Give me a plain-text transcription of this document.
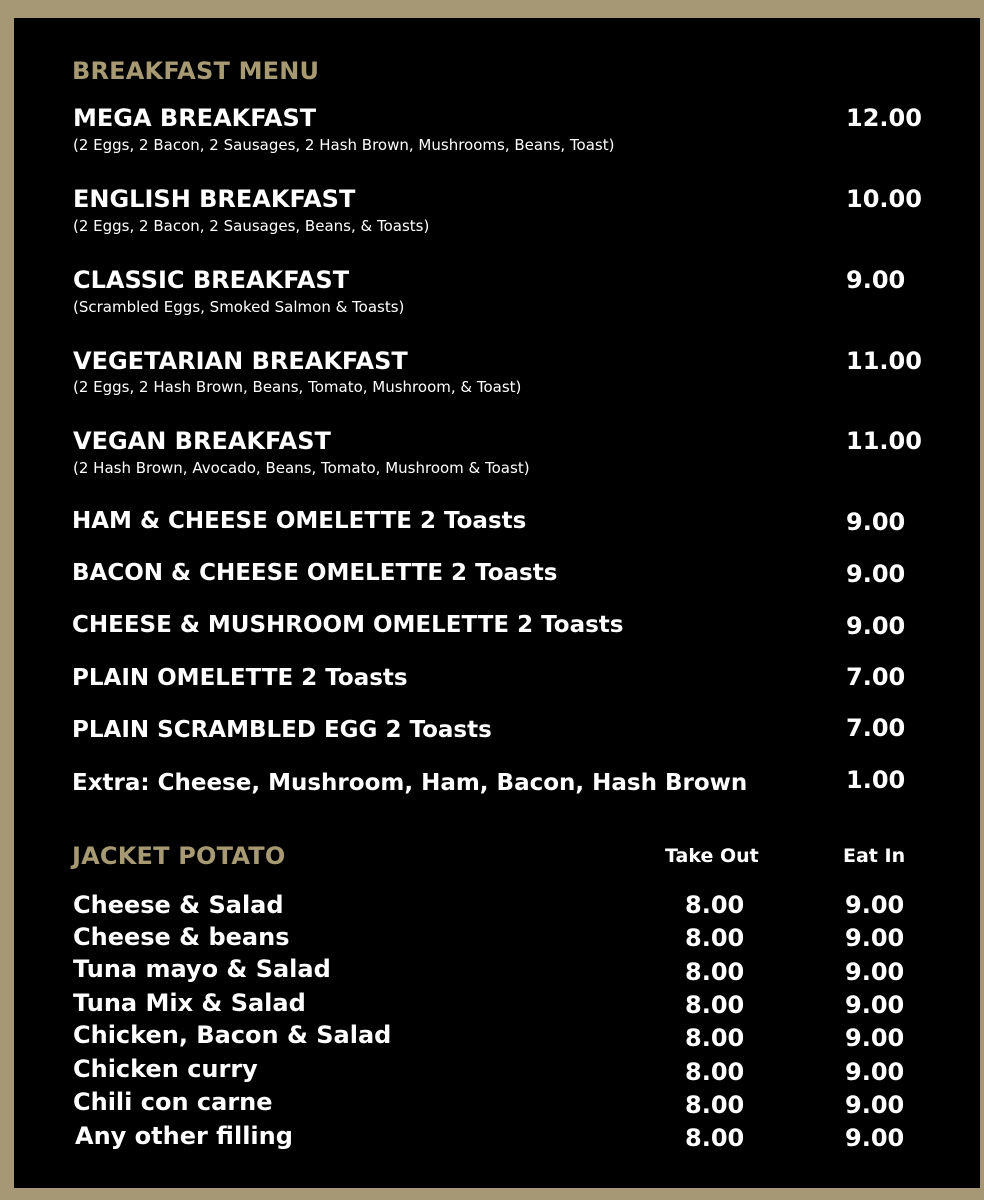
BREAKFAST MENU
MEGA BREAKFAST
(2 Eggs, 2 Bacon, 2 Sausages, 2 Hash Brown, Mushrooms, Beans, Toast)
12.00
ENGLISH BREAKFAST
(2 Eggs, 2 Bacon, 2 Sausages, Beans, & Toasts)
10.00
CLASSIC BREAKFAST
(Scrambled Eggs, Smoked Salmon & Toasts)
9.00
VEGETARIAN BREAKFAST
(2 Eggs, 2 Hash Brown, Beans, Tomato, Mushroom, & Toast)
11.00
VEGAN BREAKFAST
(2 Hash Brown, Avocado, Beans, Tomato, Mushroom & Toast)
11.00
HAM & CHEESE OMELETTE 2 Toasts	9.00
BACON & CHEESE OMELETTE 2 Toasts	9.00
CHEESE & MUSHROOM OMELETTE 2 Toasts	9.00
PLAIN OMELETTE 2 Toasts	7.00
PLAIN SCRAMBLED EGG 2 Toasts	7.00
Extra: Cheese, Mushroom, Ham, Bacon, Hash Brown	1.00
JACKET POTATO	Take Out	Eat In
Cheese & Salad	8.00	9.00
Cheese & beans	8.00	9.00
Tuna mayo & Salad	8.00	9.00
Tuna Mix & Salad	8.00	9.00
Chicken, Bacon & Salad	8.00	9.00
Chicken curry	8.00	9.00
Chili con carne	8.00	9.00
Any other filling	8.00	9.00
